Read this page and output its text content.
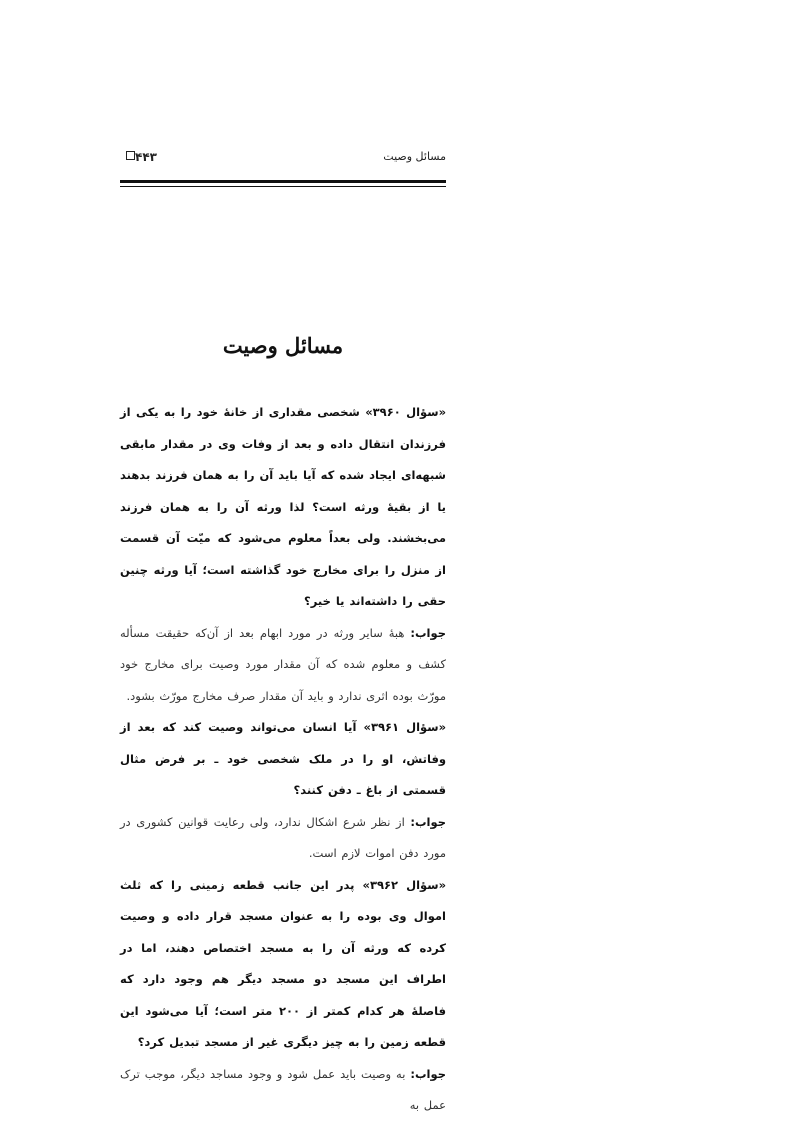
مسائل وصیت
۴۴۳
مسائل وصیت

«سؤال ۳۹۶۰» شخصی مقداری از خانهٔ خود را به یکی از فرزندان انتقال داده و بعد از وفات وی در مقدار مابقی شبهه‌ای ایجاد شده که آیا باید آن را به همان فرزند بدهند یا از بقیهٔ ورثه است؟ لذا ورثه آن را به همان فرزند می‌بخشند. ولی بعداً معلوم می‌شود که میّت آن قسمت از منزل را برای مخارج خود گذاشته است؛ آیا ورثه چنین حقی را داشته‌اند یا خیر؟

جواب: هبهٔ سایر ورثه در مورد ابهام بعد از آن‌که حقیقت مسأله کشف و معلوم شده که آن مقدار مورد وصیت برای مخارج خود مورّث بوده اثری ندارد و باید آن مقدار صرف مخارج مورّث بشود.

«سؤال ۳۹۶۱» آیا انسان می‌تواند وصیت کند که بعد از وفاتش، او را در ملک شخصی خود ـ بر فرض مثال قسمتی از باغ ـ دفن کنند؟

جواب: از نظر شرع اشکال ندارد، ولی رعایت قوانین کشوری در مورد دفن اموات لازم است.

«سؤال ۳۹۶۲» پدر این جانب قطعه زمینی را که ثلث اموال وی بوده را به عنوان مسجد قرار داده و وصیت کرده که ورثه آن را به مسجد اختصاص دهند، اما در اطراف این مسجد دو مسجد دیگر هم وجود دارد که فاصلهٔ هر کدام کمتر از ۲۰۰ متر است؛ آیا می‌شود این قطعه زمین را به چیز دیگری غیر از مسجد تبدیل کرد؟

جواب: به وصیت باید عمل شود و وجود مساجد دیگر، موجب ترک عمل به
